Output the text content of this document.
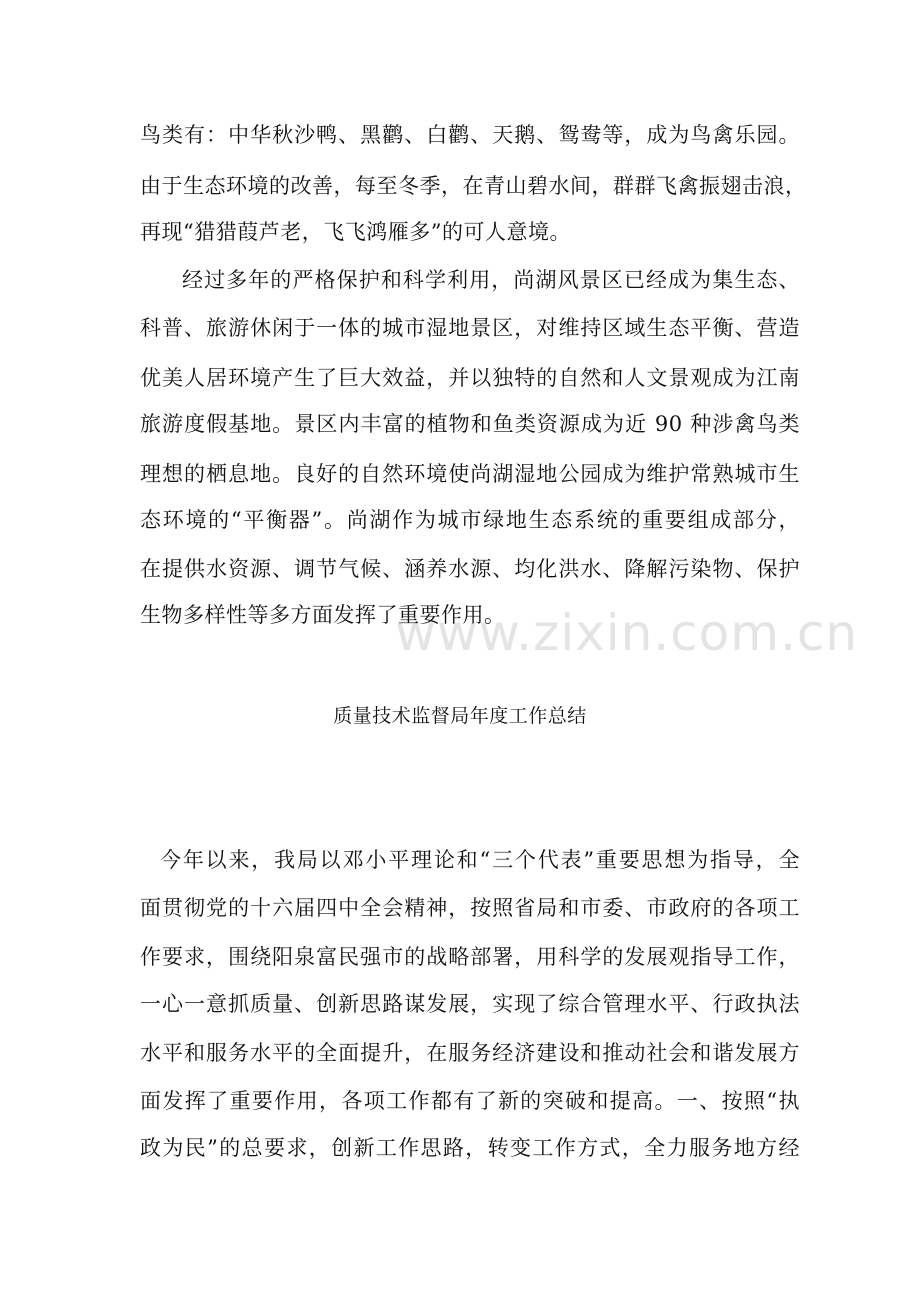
www.zixin.com.cn
鸟类有：中华秋沙鸭、黑鹳、白鹳、天鹅、鸳鸯等，成为鸟禽乐园。
由于生态环境的改善，每至冬季，在青山碧水间，群群飞禽振翅击浪，
再现“猎猎葭芦老，飞飞鸿雁多”的可人意境。
经过多年的严格保护和科学利用，尚湖风景区已经成为集生态、
科普、旅游休闲于一体的城市湿地景区，对维持区域生态平衡、营造
优美人居环境产生了巨大效益，并以独特的自然和人文景观成为江南
旅游度假基地。景区内丰富的植物和鱼类资源成为近 90 种涉禽鸟类
理想的栖息地。良好的自然环境使尚湖湿地公园成为维护常熟城市生
态环境的“平衡器”。尚湖作为城市绿地生态系统的重要组成部分，
在提供水资源、调节气候、涵养水源、均化洪水、降解污染物、保护
生物多样性等多方面发挥了重要作用。
质量技术监督局年度工作总结
今年以来，我局以邓小平理论和“三个代表”重要思想为指导，全
面贯彻党的十六届四中全会精神，按照省局和市委、市政府的各项工
作要求，围绕阳泉富民强市的战略部署，用科学的发展观指导工作，
一心一意抓质量、创新思路谋发展，实现了综合管理水平、行政执法
水平和服务水平的全面提升，在服务经济建设和推动社会和谐发展方
面发挥了重要作用，各项工作都有了新的突破和提高。一、按照“执
政为民”的总要求，创新工作思路，转变工作方式，全力服务地方经
